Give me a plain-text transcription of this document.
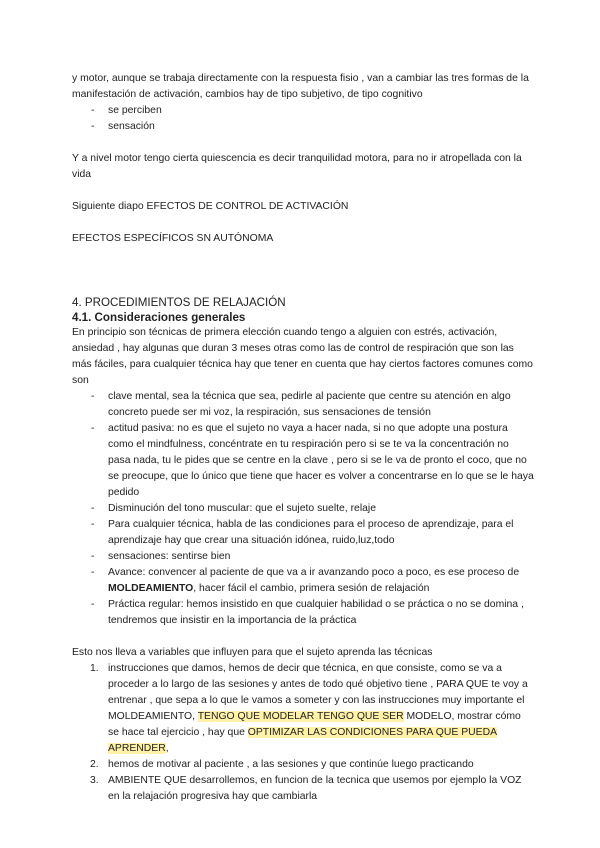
y motor, aunque se trabaja directamente con la respuesta fisio , van a cambiar las tres formas de la manifestación de activación, cambios hay de tipo subjetivo, de tipo cognitivo

- se perciben
- sensación

Y a nivel motor tengo cierta quiescencia es decir tranquilidad motora, para no ir atropellada con la vida

Siguiente diapo EFECTOS DE CONTROL DE ACTIVACIÓN

EFECTOS ESPECÍFICOS SN AUTÓNOMA

4. PROCEDIMIENTOS DE RELAJACIÓN

4.1. Consideraciones generales

En principio son técnicas de primera elección cuando tengo a alguien con estrés, activación, ansiedad , hay algunas que duran 3 meses otras como las de control de respiración que son las más fáciles, para cualquier técnica hay que tener en cuenta que hay ciertos factores comunes como son

- clave mental, sea la técnica que sea, pedirle al paciente que centre su atención en algo concreto puede ser mi voz, la respiración, sus sensaciones de tensión
- actitud pasiva: no es que el sujeto no vaya a hacer nada, si no que adopte una postura como el mindfulness, concéntrate en tu respiración pero si se te va la concentración no pasa nada, tu le pides que se centre en la clave , pero si se le va de pronto el coco, que no se preocupe, que lo único que tiene que hacer es volver a concentrarse en lo que se le haya pedido
- Disminución del tono muscular: que el sujeto suelte, relaje
- Para cualquier técnica, habla de las condiciones para el proceso de aprendizaje, para el aprendizaje hay que crear una situación idónea, ruido,luz,todo
- sensaciones: sentirse bien
- Avance: convencer al paciente de que va a ir avanzando poco a poco, es ese proceso de MOLDEAMIENTO, hacer fácil el cambio, primera sesión de relajación
- Práctica regular: hemos insistido en que cualquier habilidad o se práctica o no se domina , tendremos que insistir en la importancia de la práctica

Esto nos lleva a variables que influyen para que el sujeto aprenda las técnicas

1. instrucciones que damos, hemos de decir que técnica, en que consiste, como se va a proceder a lo largo de las sesiones y antes de todo qué objetivo tiene , PARA QUE te voy a entrenar , que sepa a lo que le vamos a someter y con las instrucciones muy importante el MOLDEAMIENTO, TENGO QUE MODELAR TENGO QUE SER MODELO, mostrar cómo se hace tal ejercicio , hay que OPTIMIZAR LAS CONDICIONES PARA QUE PUEDA APRENDER,
2. hemos de motivar al paciente , a las sesiones y que continúe luego practicando
3. AMBIENTE QUE desarrollemos, en funcion de la tecnica que usemos por ejemplo la VOZ en la relajación progresiva hay que cambiarla
